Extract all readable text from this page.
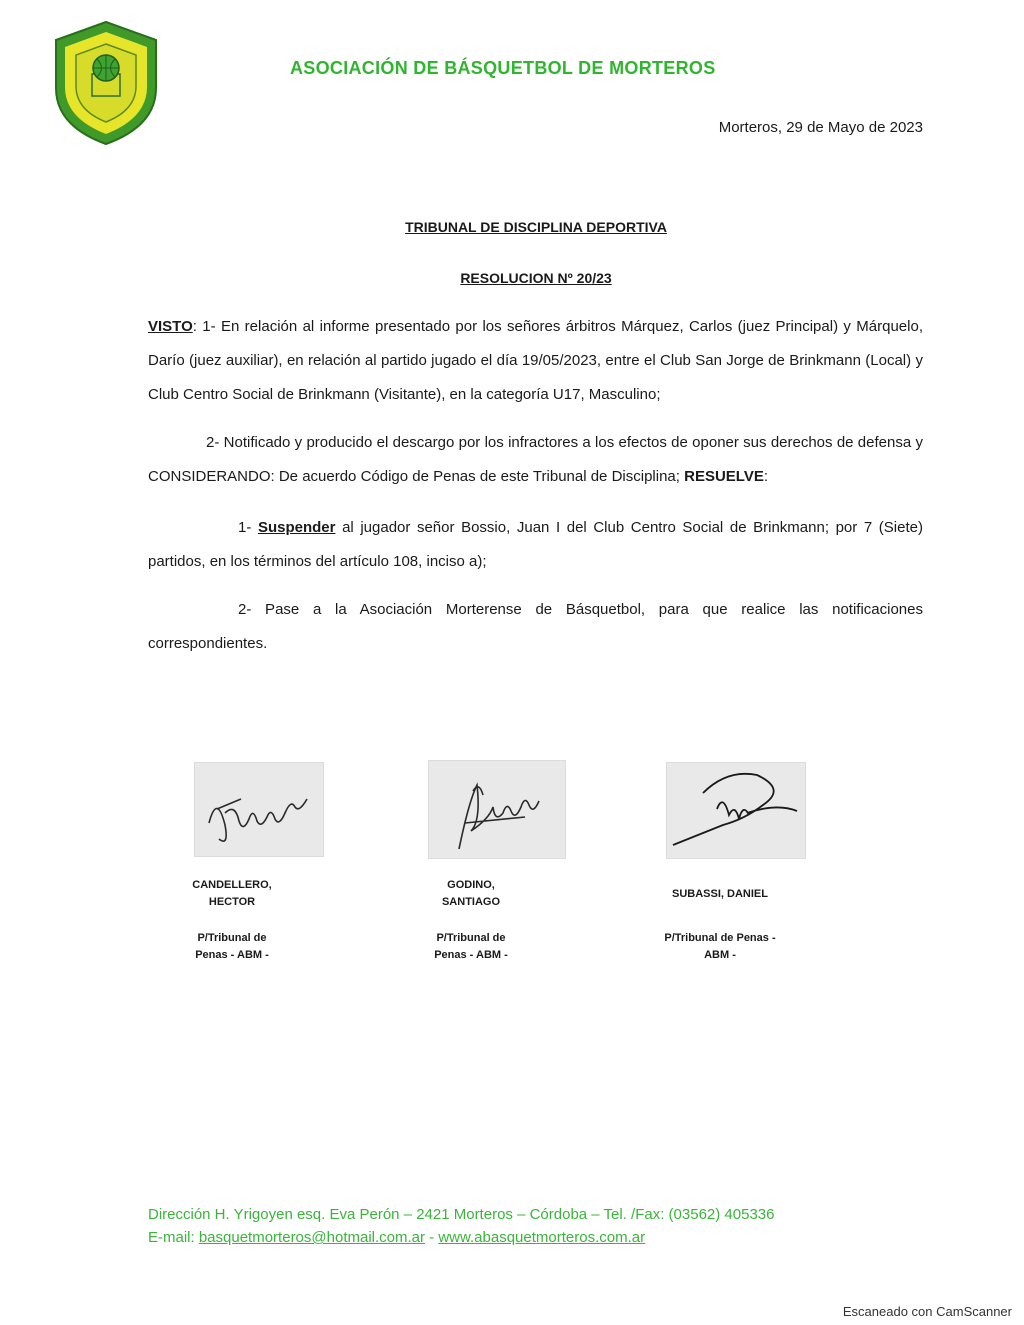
ASOCIACIÓN DE BÁSQUETBOL DE MORTEROS
Morteros, 29 de Mayo de 2023
TRIBUNAL DE DISCIPLINA DEPORTIVA
RESOLUCION Nº 20/23
VISTO: 1- En relación al informe presentado por los señores árbitros Márquez, Carlos (juez Principal) y Márquelo, Darío (juez auxiliar), en relación al partido jugado el día 19/05/2023, entre el Club San Jorge de Brinkmann (Local) y Club Centro Social de Brinkmann (Visitante), en la categoría U17, Masculino;
2- Notificado y producido el descargo por los infractores a los efectos de oponer sus derechos de defensa y CONSIDERANDO: De acuerdo Código de Penas de este Tribunal de Disciplina; RESUELVE:
1- Suspender al jugador señor Bossio, Juan I del Club Centro Social de Brinkmann; por 7 (Siete) partidos, en los términos del artículo 108, inciso a);
2- Pase a la Asociación Morterense de Básquetbol, para que realice las notificaciones correspondientes.
CANDELLERO, HECTOR
P/Tribunal de Penas - ABM -
GODINO, SANTIAGO
P/Tribunal de Penas - ABM -
SUBASSI, DANIEL
P/Tribunal de Penas - ABM -
Dirección H. Yrigoyen esq. Eva Perón – 2421 Morteros – Córdoba – Tel. /Fax: (03562) 405336
E-mail: basquetmorteros@hotmail.com.ar - www.abasquetmorteros.com.ar
Escaneado con CamScanner
